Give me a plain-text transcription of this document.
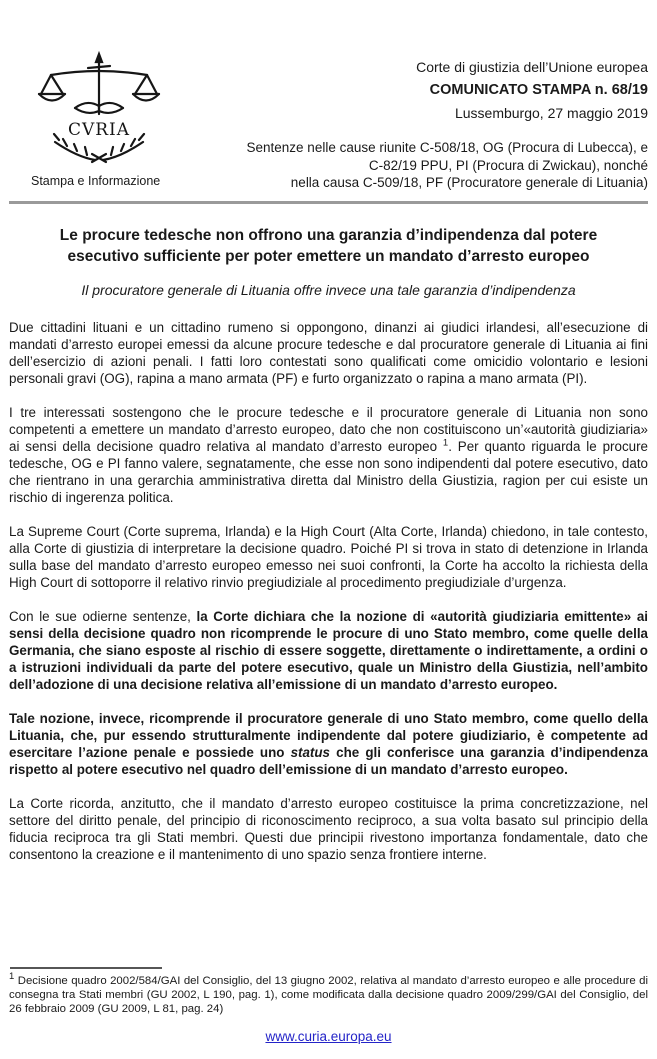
CVRIA
Stampa e Informazione
Corte di giustizia dell’Unione europea
COMUNICATO STAMPA n. 68/19
Lussemburgo, 27 maggio 2019
Sentenze nelle cause riunite C-508/18, OG (Procura di Lubecca), e
C-82/19 PPU, PI (Procura di Zwickau), nonché
nella causa C-509/18, PF (Procuratore generale di Lituania)
Le procure tedesche non offrono una garanzia d’indipendenza dal potere esecutivo sufficiente per poter emettere un mandato d’arresto europeo
Il procuratore generale di Lituania offre invece una tale garanzia d’indipendenza

Due cittadini lituani e un cittadino rumeno si oppongono, dinanzi ai giudici irlandesi, all’esecuzione di mandati d’arresto europei emessi da alcune procure tedesche e dal procuratore generale di Lituania ai fini dell’esercizio di azioni penali. I fatti loro contestati sono qualificati come omicidio volontario e lesioni personali gravi (OG), rapina a mano armata (PF) e furto organizzato o rapina a mano armata (PI).

I tre interessati sostengono che le procure tedesche e il procuratore generale di Lituania non sono competenti a emettere un mandato d’arresto europeo, dato che non costituiscono un’«autorità giudiziaria» ai sensi della decisione quadro relativa al mandato d’arresto europeo $^1$. Per quanto riguarda le procure tedesche, OG e PI fanno valere, segnatamente, che esse non sono indipendenti dal potere esecutivo, dato che rientrano in una gerarchia amministrativa diretta dal Ministro della Giustizia, ragion per cui esiste un rischio di ingerenza politica.

La Supreme Court (Corte suprema, Irlanda) e la High Court (Alta Corte, Irlanda) chiedono, in tale contesto, alla Corte di giustizia di interpretare la decisione quadro. Poiché PI si trova in stato di detenzione in Irlanda sulla base del mandato d’arresto europeo emesso nei suoi confronti, la Corte ha accolto la richiesta della High Court di sottoporre il relativo rinvio pregiudiziale al procedimento pregiudiziale d’urgenza.

Con le sue odierne sentenze, la Corte dichiara che la nozione di «autorità giudiziaria emittente» ai sensi della decisione quadro non ricomprende le procure di uno Stato membro, come quelle della Germania, che siano esposte al rischio di essere soggette, direttamente o indirettamente, a ordini o a istruzioni individuali da parte del potere esecutivo, quale un Ministro della Giustizia, nell’ambito dell’adozione di una decisione relativa all’emissione di un mandato d’arresto europeo.

Tale nozione, invece, ricomprende il procuratore generale di uno Stato membro, come quello della Lituania, che, pur essendo strutturalmente indipendente dal potere giudiziario, è competente ad esercitare l’azione penale e possiede uno status che gli conferisce una garanzia d’indipendenza rispetto al potere esecutivo nel quadro dell’emissione di un mandato d’arresto europeo.

La Corte ricorda, anzitutto, che il mandato d’arresto europeo costituisce la prima concretizzazione, nel settore del diritto penale, del principio di riconoscimento reciproco, a sua volta basato sul principio della fiducia reciproca tra gli Stati membri. Questi due principii rivestono importanza fondamentale, dato che consentono la creazione e il mantenimento di uno spazio senza frontiere interne.

$^1$ Decisione quadro 2002/584/GAI del Consiglio, del 13 giugno 2002, relativa al mandato d’arresto europeo e alle procedure di consegna tra Stati membri (GU 2002, L 190, pag. 1), come modificata dalla decisione quadro 2009/299/GAI del Consiglio, del 26 febbraio 2009 (GU 2009, L 81, pag. 24)

www.curia.europa.eu
